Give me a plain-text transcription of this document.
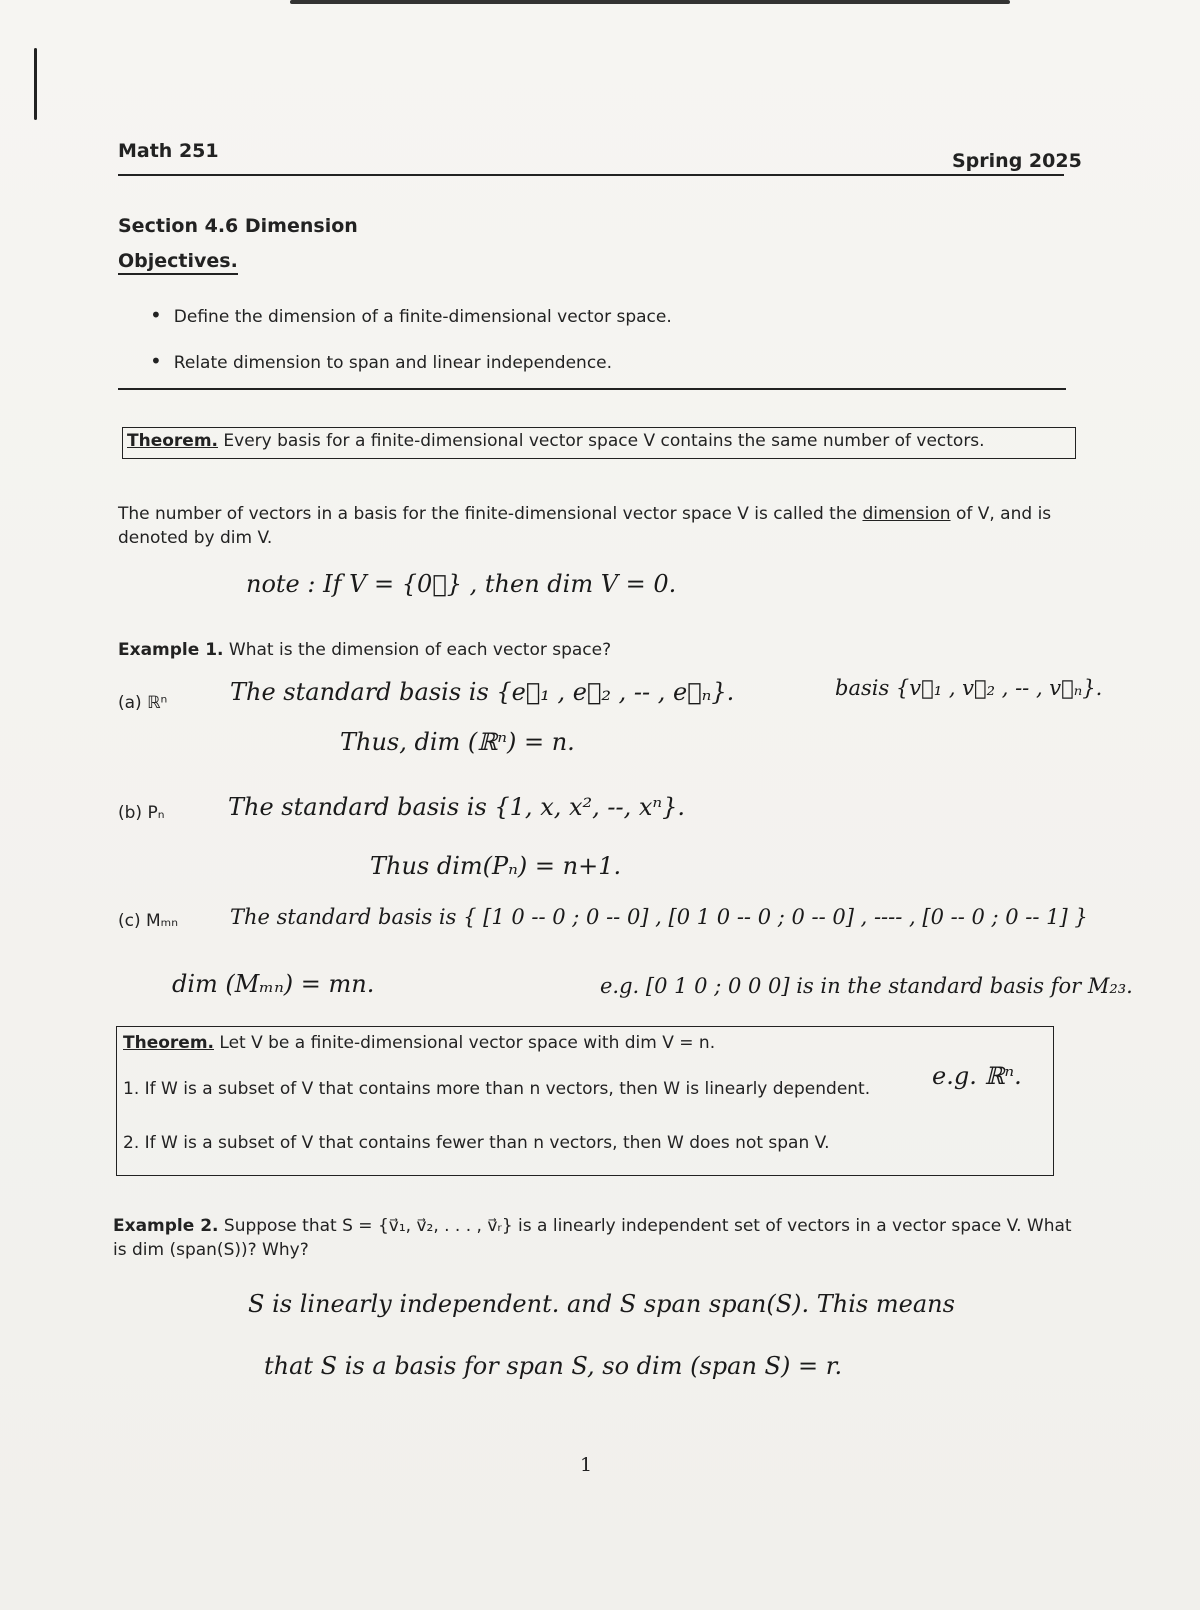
Math 251	Spring 2025
Section 4.6 Dimension
Objectives.
• Define the dimension of a finite-dimensional vector space.
• Relate dimension to span and linear independence.
Theorem. Every basis for a finite-dimensional vector space V contains the same number of vectors.
The number of vectors in a basis for the finite-dimensional vector space V is called the dimension of V, and is denoted by dim V.
note : If V = {0⃗} , then dim V = 0.
Example 1. What is the dimension of each vector space?
(a) ℝⁿ	The standard basis is {e⃗₁ , e⃗₂ , -- , e⃗ₙ}.	basis {v⃗₁ , v⃗₂ , -- , v⃗ₙ}.
Thus, dim (ℝⁿ) = n.
(b) Pₙ	The standard basis is {1, x, x², --, xⁿ}.
Thus dim(Pₙ) = n+1.
(c) Mₘₙ The standard basis is { [1 0 -- 0 ; 0 -- 0] , [0 1 0 -- 0 ; 0 -- 0] , ---- , [0 -- 0 ; 0 -- 1] }
dim (Mₘₙ) = mn.	e.g. [0 1 0 ; 0 0 0] is in the standard basis for M₂₃.
Theorem. Let V be a finite-dimensional vector space with dim V = n.
1. If W is a subset of V that contains more than n vectors, then W is linearly dependent.
2. If W is a subset of V that contains fewer than n vectors, then W does not span V.
e.g. ℝⁿ.
Example 2. Suppose that S = {v⃗₁, v⃗₂, . . . , v⃗ᵣ} is a linearly independent set of vectors in a vector space V. What is dim (span(S))? Why?
S is linearly independent. and S span span(S). This means
that S is a basis for span S, so dim (span S) = r.
1
